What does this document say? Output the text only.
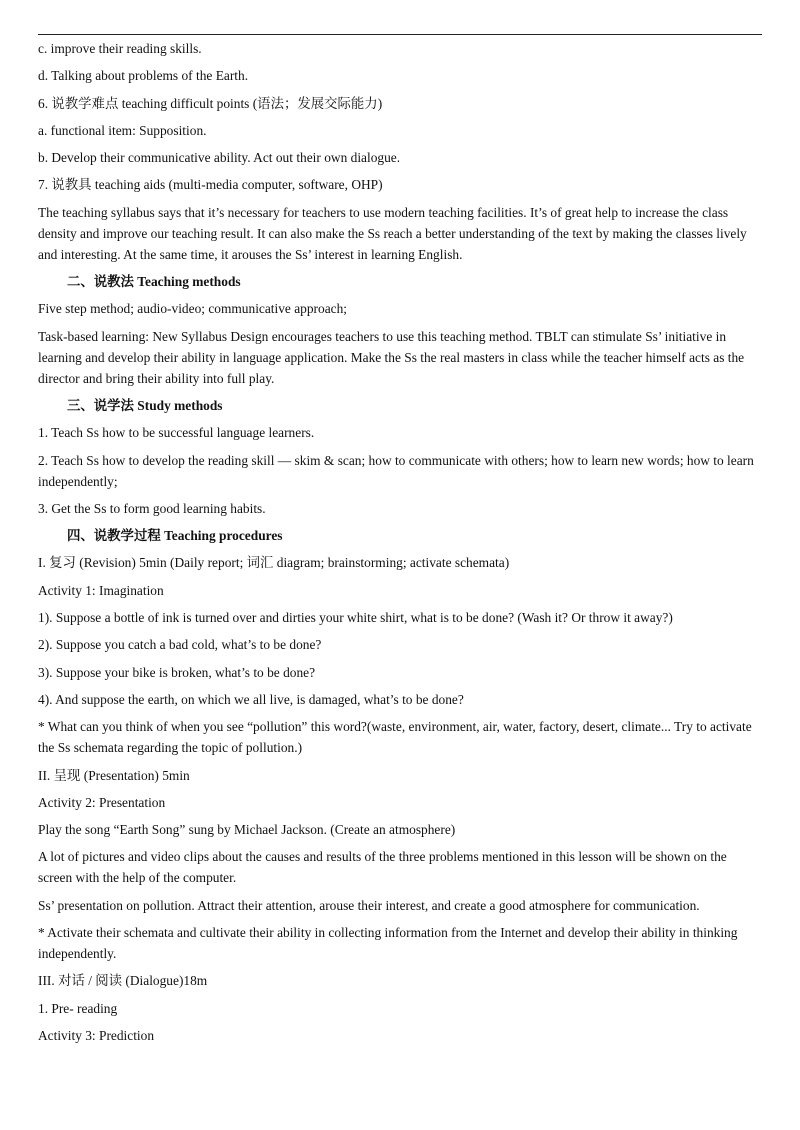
c. improve their reading skills.

d. Talking about problems of the Earth.

6. 说教学难点 teaching difficult points (语法；发展交际能力)

a. functional item: Supposition.

b. Develop their communicative ability. Act out their own dialogue.

7. 说教具 teaching aids (multi-media computer, software, OHP)

The teaching syllabus says that it’s necessary for teachers to use modern teaching facilities. It’s of great help to increase the class density and improve our teaching result. It can also make the Ss reach a better understanding of the text by making the classes lively and interesting. At the same time, it arouses the Ss’ interest in learning English.

二、说教法 Teaching methods

Five step method; audio-video; communicative approach;

Task-based learning: New Syllabus Design encourages teachers to use this teaching method. TBLT can stimulate Ss’ initiative in learning and develop their ability in language application. Make the Ss the real masters in class while the teacher himself acts as the director and bring their ability into full play.

三、说学法 Study methods

1. Teach Ss how to be successful language learners.

2. Teach Ss how to develop the reading skill — skim & scan; how to communicate with others; how to learn new words; how to learn independently;

3. Get the Ss to form good learning habits.

四、说教学过程 Teaching procedures

I. 复习 (Revision) 5min (Daily report; 词汇 diagram; brainstorming; activate schemata)

Activity 1: Imagination

1). Suppose a bottle of ink is turned over and dirties your white shirt, what is to be done? (Wash it? Or throw it away?)

2). Suppose you catch a bad cold, what’s to be done?

3). Suppose your bike is broken, what’s to be done?

4). And suppose the earth, on which we all live, is damaged, what’s to be done?

* What can you think of when you see “pollution” this word?(waste, environment, air, water, factory, desert, climate... Try to activate the Ss schemata regarding the topic of pollution.)

II. 呈现 (Presentation) 5min

Activity 2: Presentation

Play the song “Earth Song” sung by Michael Jackson. (Create an atmosphere)

A lot of pictures and video clips about the causes and results of the three problems mentioned in this lesson will be shown on the screen with the help of the computer.

Ss’ presentation on pollution. Attract their attention, arouse their interest, and create a good atmosphere for communication.

* Activate their schemata and cultivate their ability in collecting information from the Internet and develop their ability in thinking independently.

III. 对话 / 阅读 (Dialogue)18m

1. Pre- reading

Activity 3: Prediction
